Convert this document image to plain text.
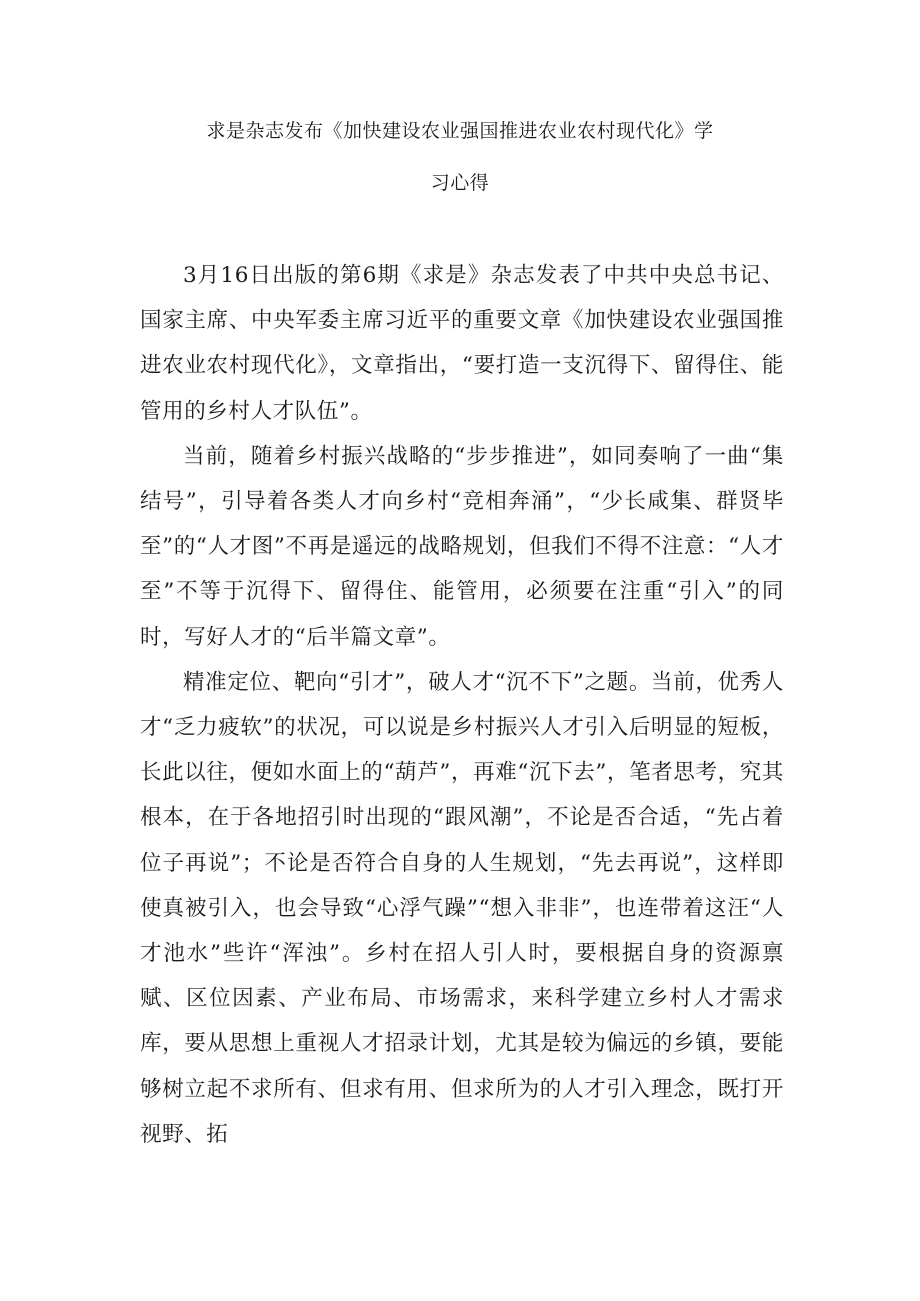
求是杂志发布《加快建设农业强国推进农业农村现代化》学
习心得

3月16日出版的第6期《求是》杂志发表了中共中央总书记、国家主席、中央军委主席习近平的重要文章《加快建设农业强国推进农业农村现代化》，文章指出，“要打造一支沉得下、留得住、能管用的乡村人才队伍”。

当前，随着乡村振兴战略的“步步推进”，如同奏响了一曲“集结号”，引导着各类人才向乡村“竞相奔涌”，“少长咸集、群贤毕至”的“人才图”不再是遥远的战略规划，但我们不得不注意：“人才至”不等于沉得下、留得住、能管用，必须要在注重“引入”的同时，写好人才的“后半篇文章”。

精准定位、靶向“引才”，破人才“沉不下”之题。当前，优秀人才“乏力疲软”的状况，可以说是乡村振兴人才引入后明显的短板，长此以往，便如水面上的“葫芦”，再难“沉下去”，笔者思考，究其根本，在于各地招引时出现的“跟风潮”，不论是否合适，“先占着位子再说”；不论是否符合自身的人生规划，“先去再说”，这样即使真被引入，也会导致“心浮气躁”“想入非非”，也连带着这汪“人才池水”些许“浑浊”。乡村在招人引人时，要根据自身的资源禀赋、区位因素、产业布局、市场需求，来科学建立乡村人才需求库，要从思想上重视人才招录计划，尤其是较为偏远的乡镇，要能够树立起不求所有、但求有用、但求所为的人才引入理念，既打开视野、拓
